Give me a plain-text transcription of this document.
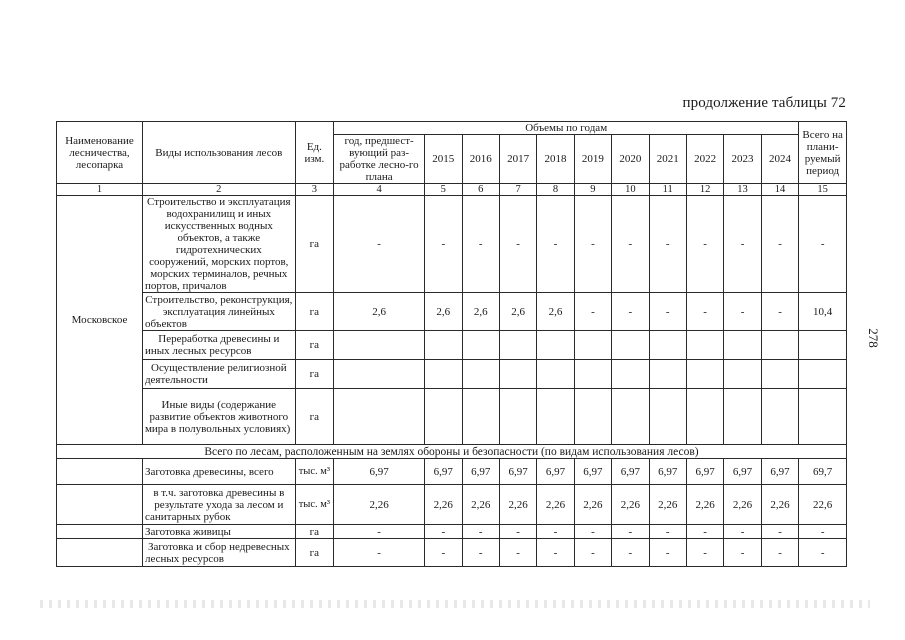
продолжение таблицы 72
278
Наименование лесничества, лесопарка	Виды использования лесов	Ед. изм.	Объемы по годам											Всего на плани-руемый период
			год, предшест-вующий раз-работке лесно-го плана	2015	2016	2017	2018	2019	2020	2021	2022	2023	2024	
1	2	3	4	5	6	7	8	9	10	11	12	13	14	15
Московское	Строительство и эксплуатация водохранилищ и иных искусственных водных объектов, а также гидротехнических сооружений, морских портов, морских терминалов, речных портов, причалов	га	-	-	-	-	-	-	-	-	-	-	-	-
	Строительство, реконструкция, эксплуатация линейных объектов	га	2,6	2,6	2,6	2,6	2,6	-	-	-	-	-	-	10,4
	Переработка древесины и иных лесных ресурсов	га												
	Осуществление религиозной деятельности	га												
	Иные виды (содержание развитие объектов животного мира в полувольных условиях)	га												
Всего по лесам, расположенным на землях обороны и безопасности (по видам использования лесов)														
	Заготовка древесины, всего	тыс. м³	6,97	6,97	6,97	6,97	6,97	6,97	6,97	6,97	6,97	6,97	6,97	69,7
	в т.ч. заготовка древесины в результате ухода за лесом и санитарных рубок	тыс. м³	2,26	2,26	2,26	2,26	2,26	2,26	2,26	2,26	2,26	2,26	2,26	22,6
	Заготовка живицы	га	-	-	-	-	-	-	-	-	-	-	-	-
	Заготовка и сбор недревесных лесных ресурсов	га	-	-	-	-	-	-	-	-	-	-	-	-
